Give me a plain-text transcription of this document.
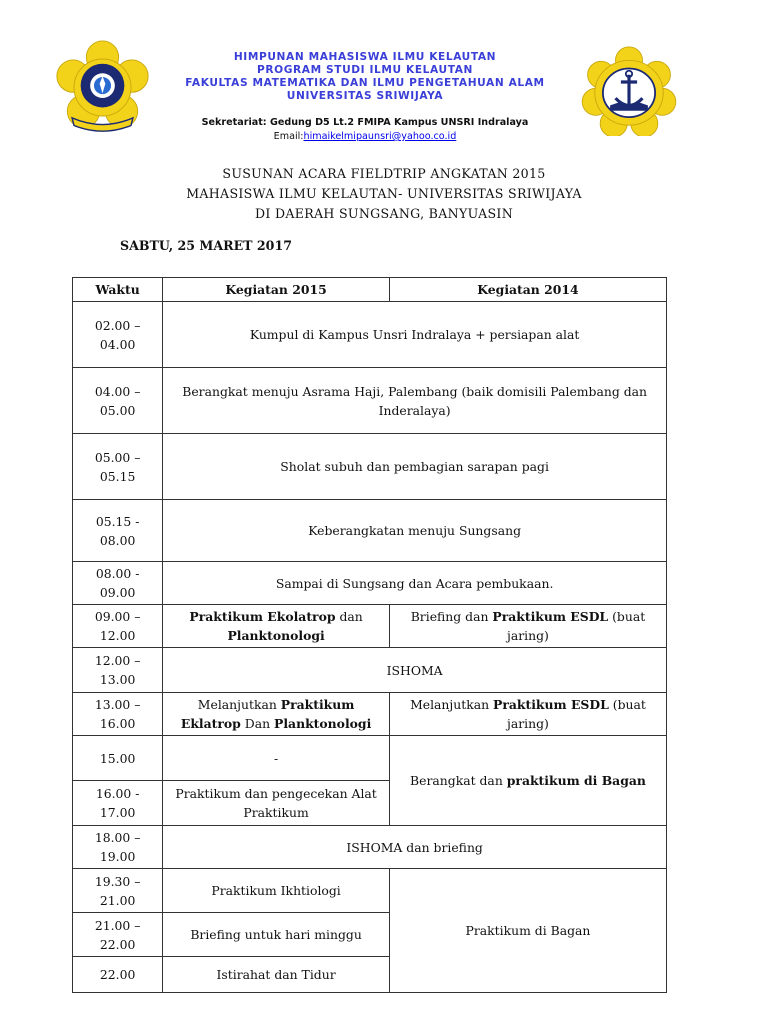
HIMPUNAN MAHASISWA ILMU KELAUTAN
PROGRAM STUDI ILMU KELAUTAN
FAKULTAS MATEMATIKA DAN ILMU PENGETAHUAN ALAM
UNIVERSITAS SRIWIJAYA
Sekretariat: Gedung D5 Lt.2 FMIPA Kampus UNSRI Indralaya
Email:himaikelmipaunsri@yahoo.co.id
SUSUNAN ACARA FIELDTRIP ANGKATAN 2015
MAHASISWA ILMU KELAUTAN- UNIVERSITAS SRIWIJAYA
DI DAERAH SUNGSANG, BANYUASIN
SABTU, 25 MARET 2017
Waktu	Kegiatan 2015	Kegiatan 2014
02.00 – 04.00	Kumpul di Kampus Unsri Indralaya + persiapan alat	
04.00 – 05.00	Berangkat menuju Asrama Haji, Palembang (baik domisili Palembang dan Inderalaya)	
05.00 – 05.15	Sholat subuh dan pembagian sarapan pagi	
05.15 - 08.00	Keberangkatan menuju Sungsang	
08.00 - 09.00	Sampai di Sungsang dan Acara pembukaan.	
09.00 – 12.00	Praktikum Ekolatrop dan Planktonologi	Briefing dan Praktikum ESDL (buat jaring)
12.00 – 13.00	ISHOMA	
13.00 – 16.00	Melanjutkan Praktikum Eklatrop Dan Planktonologi	Melanjutkan Praktikum ESDL (buat jaring)
15.00	-	Berangkat dan praktikum di Bagan
16.00 - 17.00	Praktikum dan pengecekan Alat Praktikum	
18.00 – 19.00	ISHOMA dan briefing	
19.30 – 21.00	Praktikum Ikhtiologi	Praktikum di Bagan
21.00 – 22.00	Briefing untuk hari minggu	
22.00	Istirahat dan Tidur	
